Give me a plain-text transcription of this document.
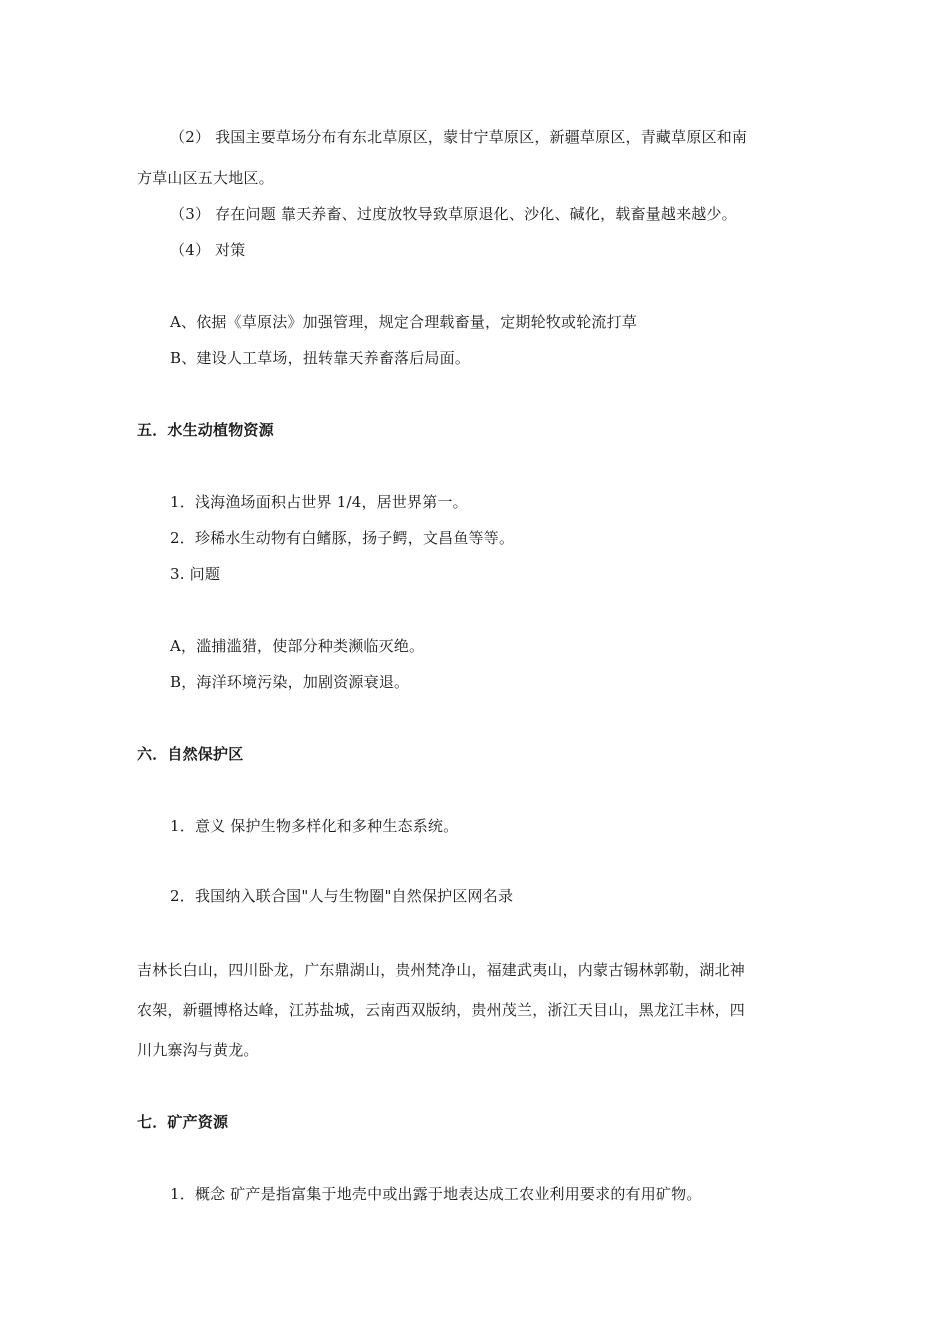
（2） 我国主要草场分布有东北草原区，蒙甘宁草原区，新疆草原区，青藏草原区和南
方草山区五大地区。
（3） 存在问题 靠天养畜、过度放牧导致草原退化、沙化、碱化，载畜量越来越少。
（4） 对策
A、依据《草原法》加强管理，规定合理载畜量，定期轮牧或轮流打草
B、建设人工草场，扭转靠天养畜落后局面。
五．水生动植物资源
1．浅海渔场面积占世界 1/4，居世界第一。
2．珍稀水生动物有白鳍豚，扬子鳄，文昌鱼等等。
3. 问题
A，滥捕滥猎，使部分种类濒临灭绝。
B，海洋环境污染，加剧资源衰退。
六．自然保护区
1．意义 保护生物多样化和多种生态系统。
2．我国纳入联合国"人与生物圈"自然保护区网名录
吉林长白山，四川卧龙，广东鼎湖山，贵州梵净山，福建武夷山，内蒙古锡林郭勒，湖北神
农架，新疆博格达峰，江苏盐城，云南西双版纳，贵州茂兰，浙江天目山，黑龙江丰林，四
川九寨沟与黄龙。
七．矿产资源
1．概念 矿产是指富集于地壳中或出露于地表达成工农业利用要求的有用矿物。
